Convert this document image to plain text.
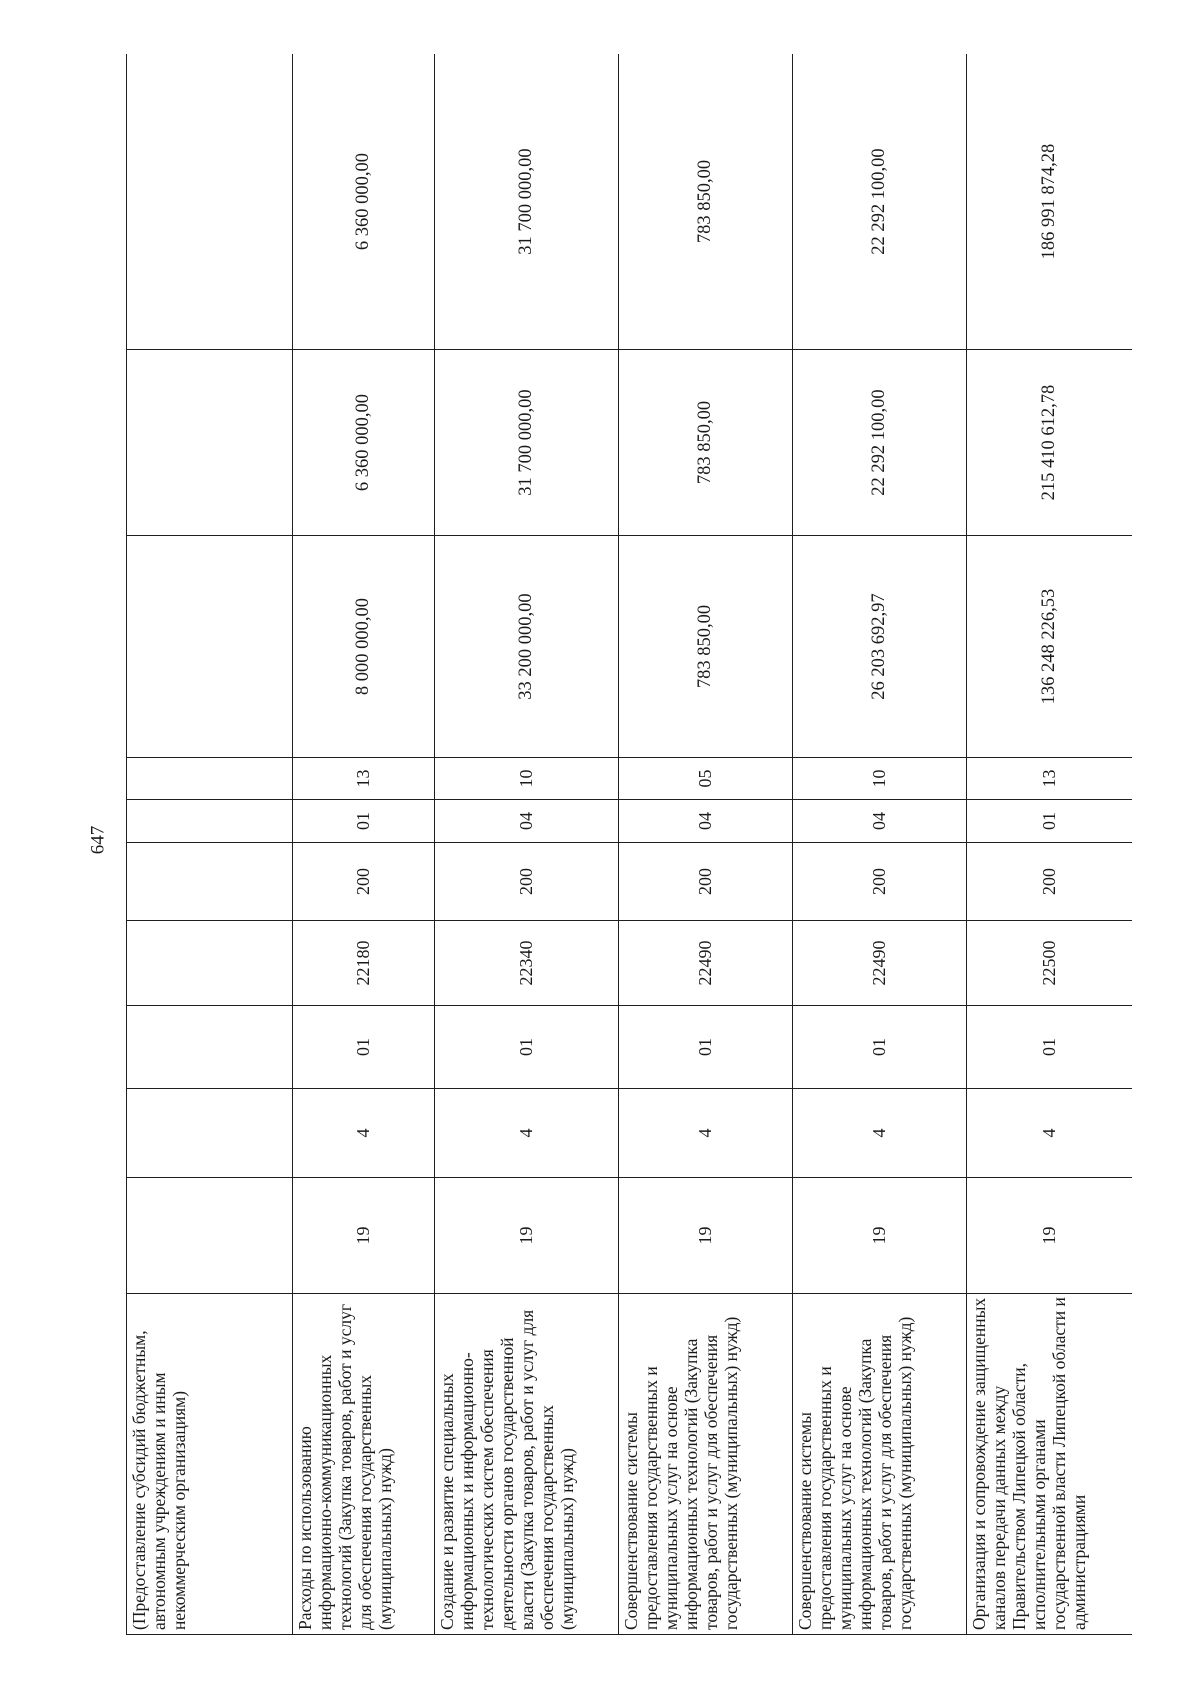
647
(Предоставление субсидий бюджетным, автономным учреждениям и иным некоммерческим организациям)										
Расходы по использованию информационно-коммуникационных технологий (Закупка товаров, работ и услуг для обеспечения государственных (муниципальных) нужд)	19	4	01	22180	200	01	13	8 000 000,00	6 360 000,00	6 360 000,00
Создание и развитие специальных информационных и информационно-технологических систем обеспечения деятельности органов государственной власти (Закупка товаров, работ и услуг для обеспечения государственных (муниципальных) нужд)	19	4	01	22340	200	04	10	33 200 000,00	31 700 000,00	31 700 000,00
Совершенствование системы предоставления государственных и муниципальных услуг на основе информационных технологий (Закупка товаров, работ и услуг для обеспечения государственных (муниципальных) нужд)	19	4	01	22490	200	04	05	783 850,00	783 850,00	783 850,00
Совершенствование системы предоставления государственных и муниципальных услуг на основе информационных технологий (Закупка товаров, работ и услуг для обеспечения государственных (муниципальных) нужд)	19	4	01	22490	200	04	10	26 203 692,97	22 292 100,00	22 292 100,00
Организация и сопровождение защищенных каналов передачи данных между Правительством Липецкой области, исполнительными органами государственной власти Липецкой области и администрациями	19	4	01	22500	200	01	13	136 248 226,53	215 410 612,78	186 991 874,28
